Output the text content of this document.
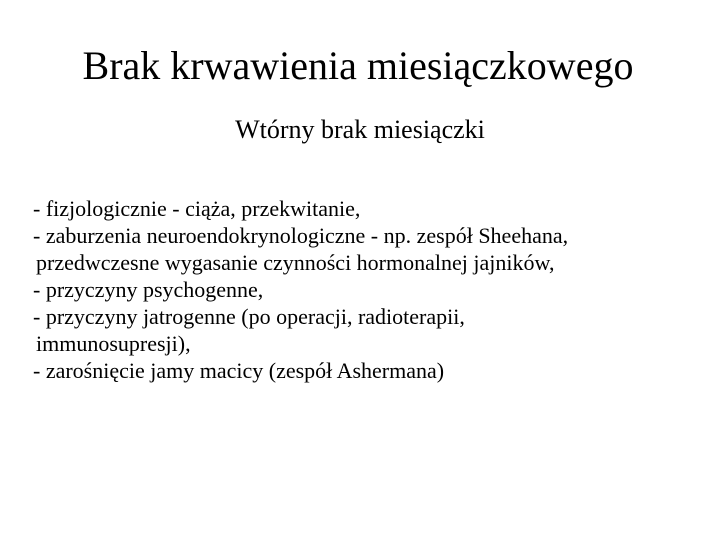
Brak krwawienia miesiączkowego
Wtórny brak miesiączki
- fizjologicznie - ciąża, przekwitanie,
- zaburzenia neuroendokrynologiczne - np. zespół Sheehana,
przedwczesne wygasanie czynności hormonalnej jajników,
- przyczyny psychogenne,
- przyczyny jatrogenne (po operacji, radioterapii,
immunosupresji),
- zarośnięcie jamy macicy (zespół Ashermana)
